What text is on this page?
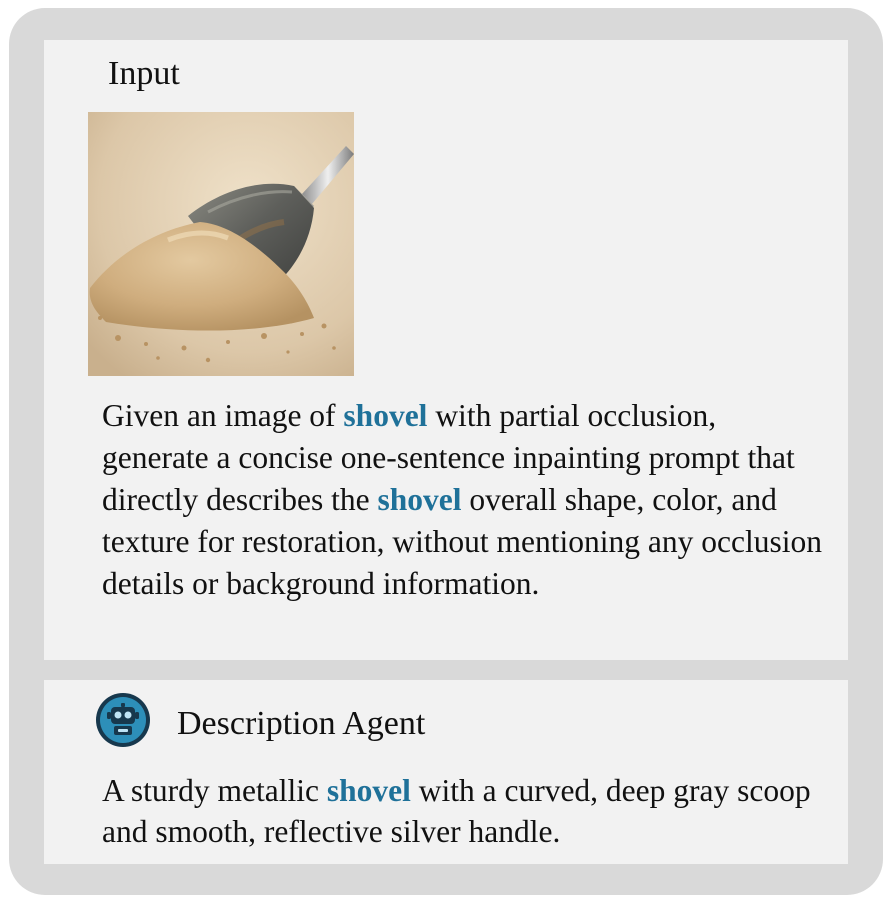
Input

Given an image of shovel with partial occlusion, generate a concise one-sentence inpainting prompt that directly describes the shovel overall shape, color, and texture for restoration, without mentioning any occlusion details or background information.

Description Agent

A sturdy metallic shovel with a curved, deep gray scoop and smooth, reflective silver handle.
